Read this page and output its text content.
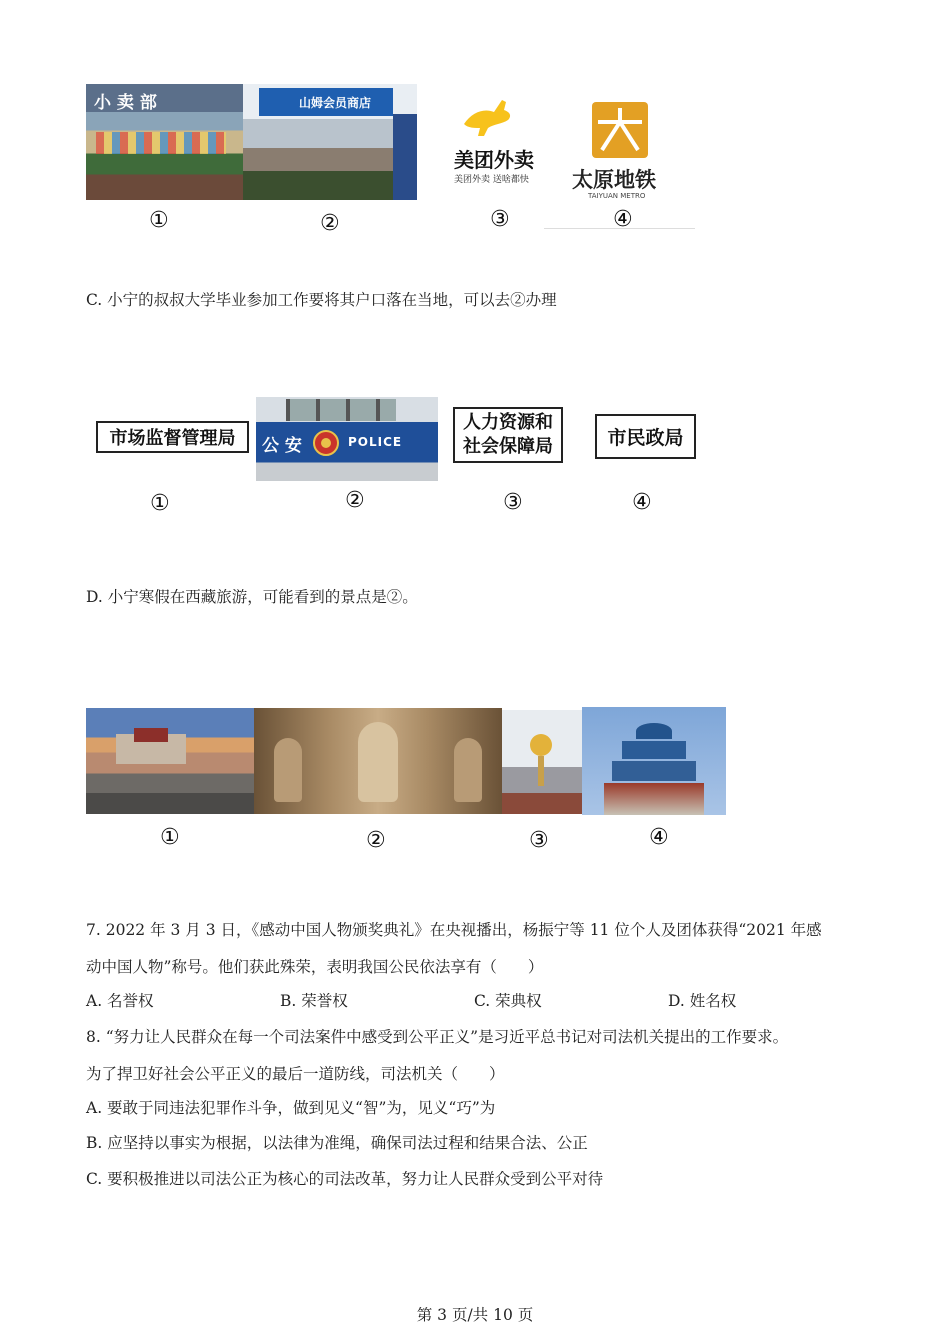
小 卖 部	山姆会员商店
美团外卖
美团外卖 送啥都快 太原地铁
TAIYUAN METRO
①	②	③	④
C. 小宁的叔叔大学毕业参加工作要将其户口落在当地，可以去②办理
市场监督管理局	公 安	POLICE
人力资源和
社会保障局	市民政局
①	②	③	④
D. 小宁寒假在西藏旅游，可能看到的景点是②。
①	②	③	④
7. 2022 年 3 月 3 日，《感动中国人物颁奖典礼》在央视播出，杨振宁等 11 位个人及团体获得“2021 年感
动中国人物”称号。他们获此殊荣，表明我国公民依法享有（　　）
A. 名誉权	B. 荣誉权	C. 荣典权	D. 姓名权
8. “努力让人民群众在每一个司法案件中感受到公平正义”是习近平总书记对司法机关提出的工作要求。
为了捍卫好社会公平正义的最后一道防线，司法机关（　　）
A. 要敢于同违法犯罪作斗争，做到见义“智”为，见义“巧”为
B. 应坚持以事实为根据，以法律为准绳，确保司法过程和结果合法、公正
C. 要积极推进以司法公正为核心的司法改革，努力让人民群众受到公平对待
第 3 页/共 10 页
